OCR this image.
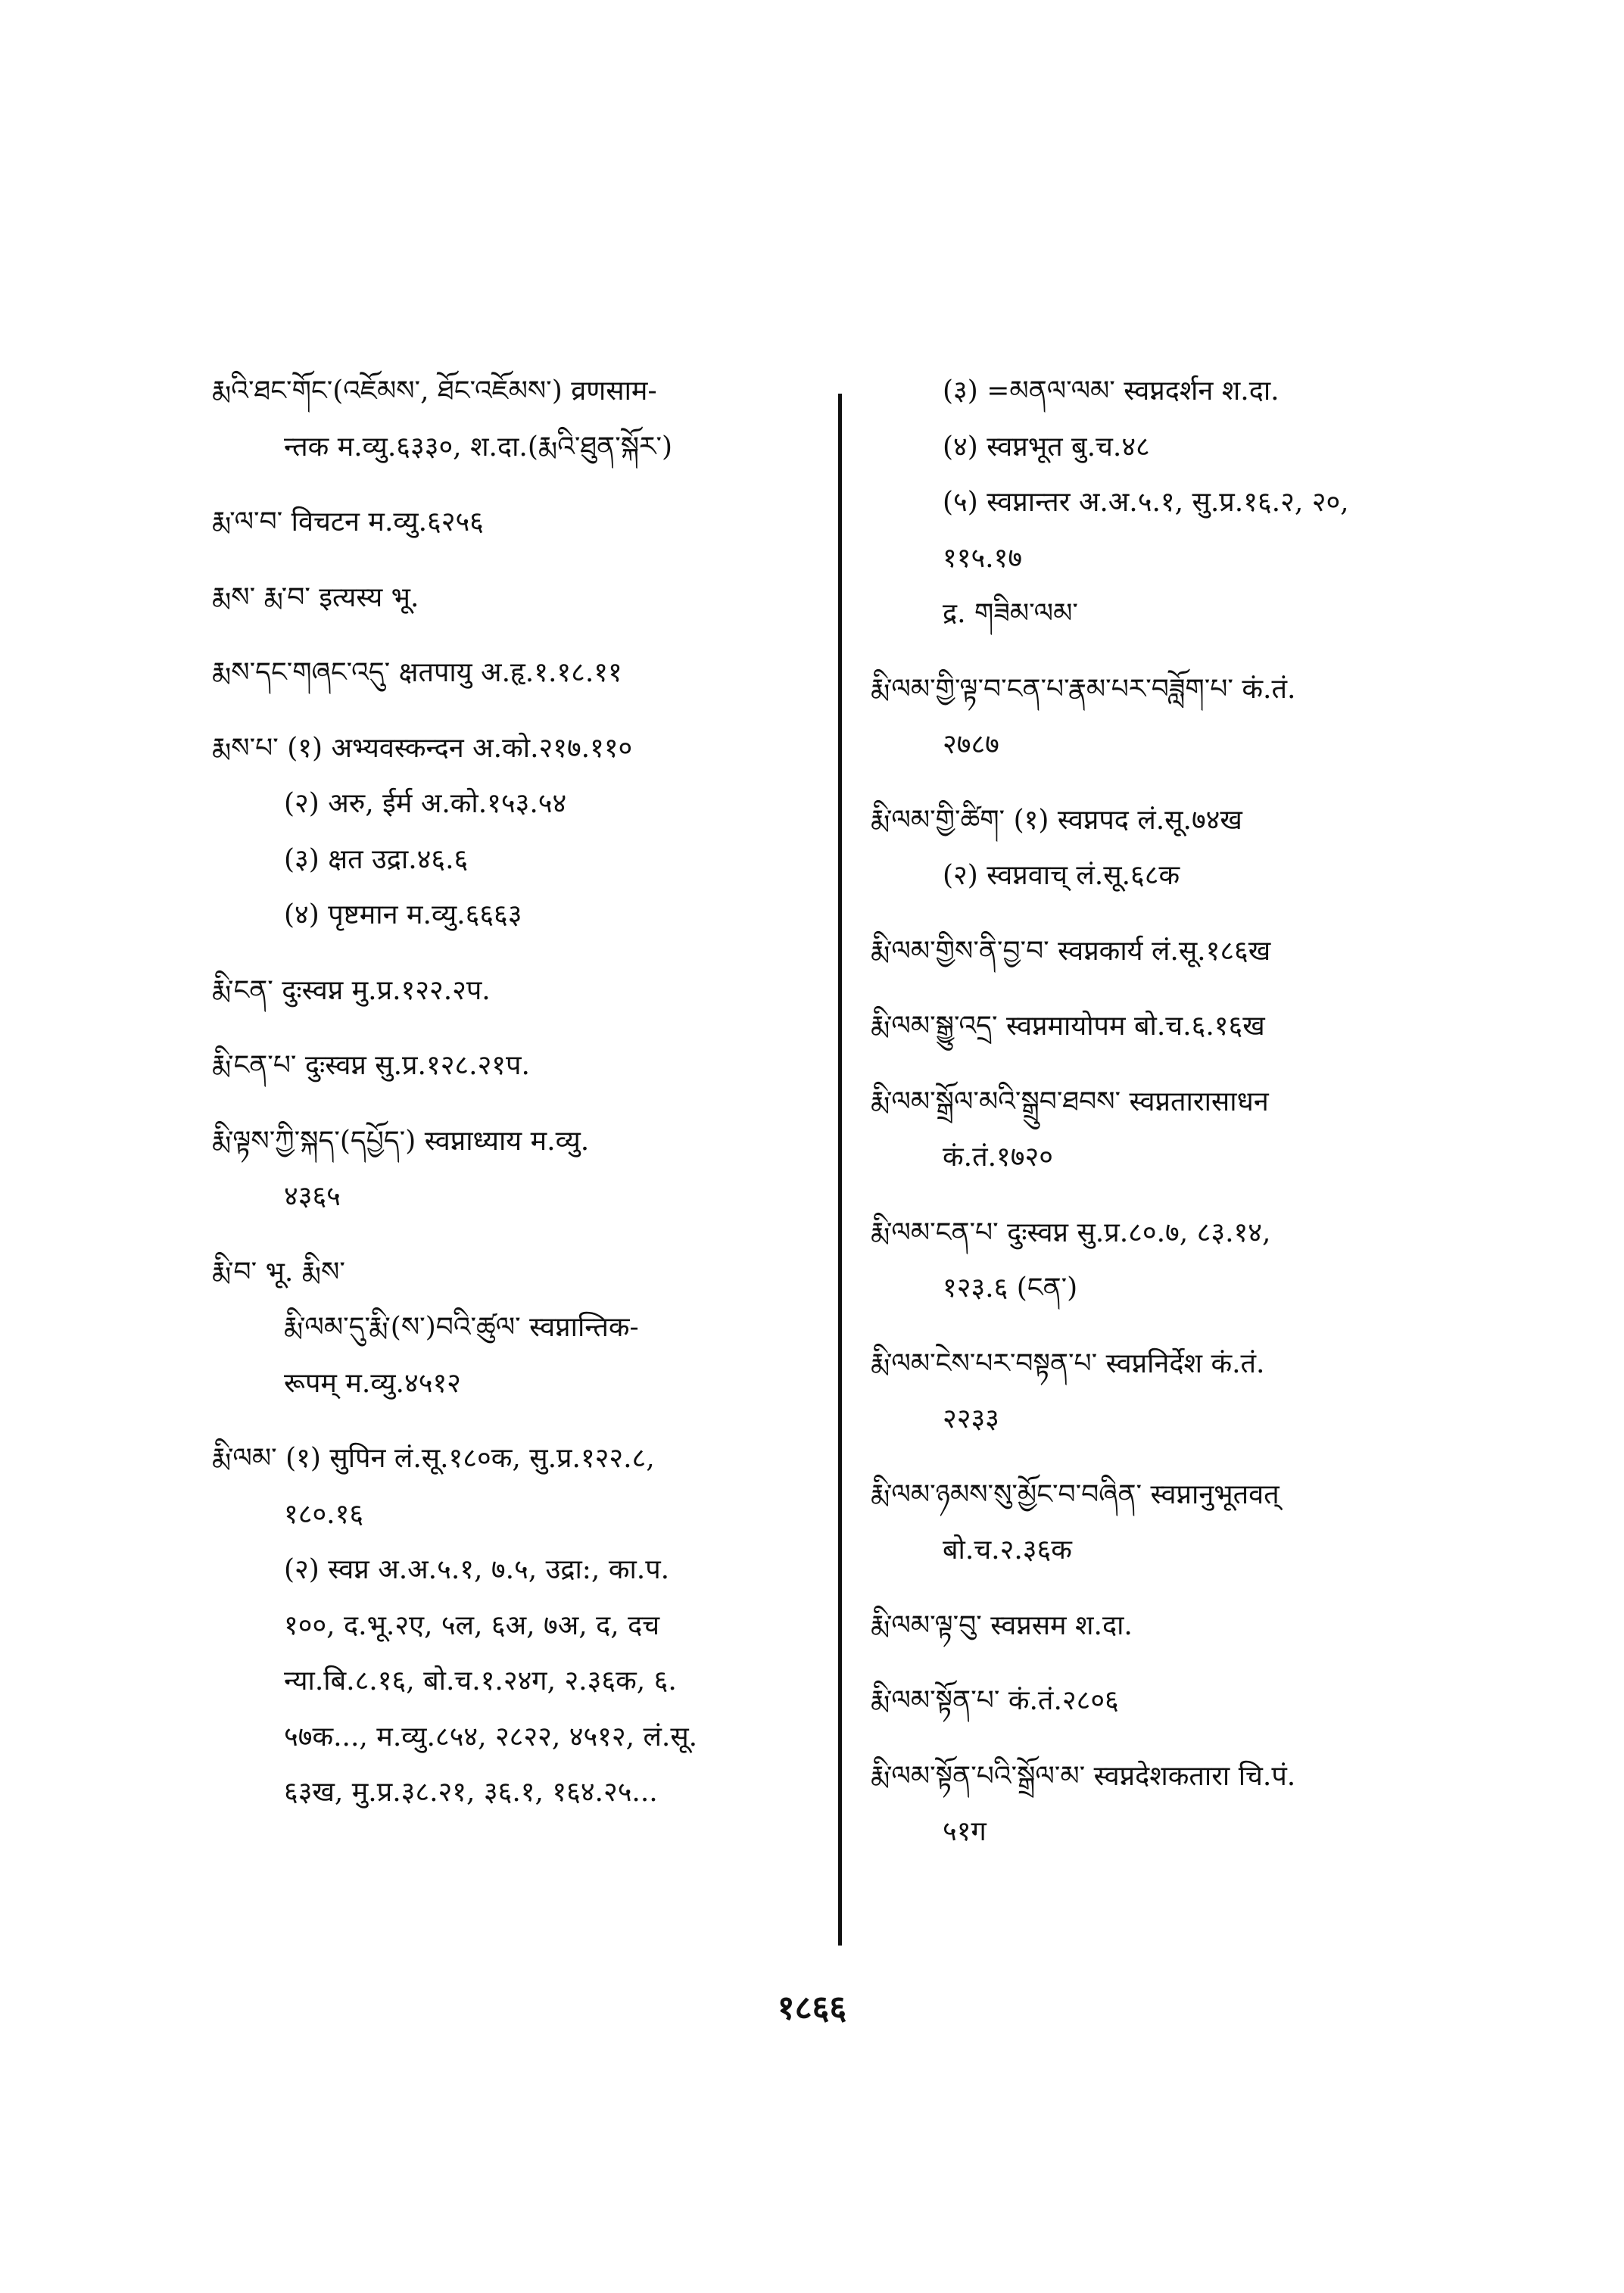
རྨའི་ཐང་གོང་(འཇོམས་, ཐོང་འཇོམས་) व्रणसाम-

न्तक म.व्यु.६३३०, श.दा.(རྨའི་ཐུན་སྐོར་)

རྨ་ལ་བ་ विचटन म.व्यु.६२५६

རྨས་ རྨ་བ་ इत्यस्य भू.

རྨས་དང་གཞང་འདུ་ क्षतपायु अ.हृ.१.१८.११

རྨས་པ་ (१) अभ्यवस्कन्दन अ.को.२१७.११०

(२) अरु, ईर्म अ.को.१५३.५४

(३) क्षत उद्रा.४६.६

(४) पृष्टमान म.व्यु.६६६३

རྨི་ངན་ दुःस्वप्न मु.प्र.१२२.२प.

རྨི་ངན་པ་ दुःस्वप्न सु.प्र.१२८.२१प.

རྨི་ལྟས་ཀྱི་སྐད་(དཔྱོད་) स्वप्नाध्याय म.व्यु.

४३६५

རྨི་བ་ भू. རྨིས་

རྨི་ལམ་དུ་རྨི་(ས་)བའི་ཚུལ་ स्वप्नान्तिक-

रूपम् म.व्यु.४५१२

རྨི་ལམ་ (१) सुपिन लं.सू.१८०क, सु.प्र.१२२.८,

१८०.१६

(२) स्वप्न अ.अ.५.१, ७.५, उद्रा:, का.प.

१००, द.भू.२ए, ५ल, ६अ, ७अ, द, दच

न्या.बि.८.१६, बो.च.१.२४ग, २.३६क, ६.

५७क..., म.व्यु.८५४, २८२२, ४५१२, लं.सू.

६३ख, मु.प्र.३८.२१, ३६.१, १६४.२५...

(३) =མནལ་ལམ་ स्वप्नदर्शन श.दा.

(४) स्वप्नभूत बु.च.४८

(५) स्वप्नान्तर अ.अ.५.१, सु.प्र.१६.२, २०,

११५.१७

द्र. གཟིམ་ལམ་

རྨི་ལམ་གྱི་ལྟ་བ་ངན་པ་རྣམ་པར་བཟློག་པ་ कं.तं.

२७८७

རྨི་ལམ་གྱི་ཚིག་ (१) स्वप्नपद लं.सू.७४ख

(२) स्वप्नवाच् लं.सू.६८क

རྨི་ལམ་གྱིས་ནི་བྱ་བ་ स्वप्नकार्य लं.सू.१८६ख

རྨི་ལམ་སྒྱུ་འདྲ་ स्वप्नमायोपम बो.च.६.१६ख

རྨི་ལམ་སྒྲོལ་མའི་སྒྲུབ་ཐབས་ स्वप्नतारासाधन

कं.तं.१७२०

རྨི་ལམ་ངན་པ་ दुःस्वप्न सु.प्र.८०.७, ८३.१४,

१२३.६ (ངན་)

རྨི་ལམ་ངེས་པར་བསྟན་པ་ स्वप्ननिर्देश कं.तं.

२२३३

རྨི་ལམ་ཉམས་སུ་མྱོང་བ་བཞིན་ स्वप्नानुभूतवत्

बो.च.२.३६क

རྨི་ལམ་ལྟ་བུ་ स्वप्नसम श.दा.

རྨི་ལམ་སྟོན་པ་ कं.तं.२८०६

རྨི་ལམ་སྟོན་པའི་སྒྲོལ་མ་ स्वप्नदेशकतारा चि.पं.

५१ग

१८६६
